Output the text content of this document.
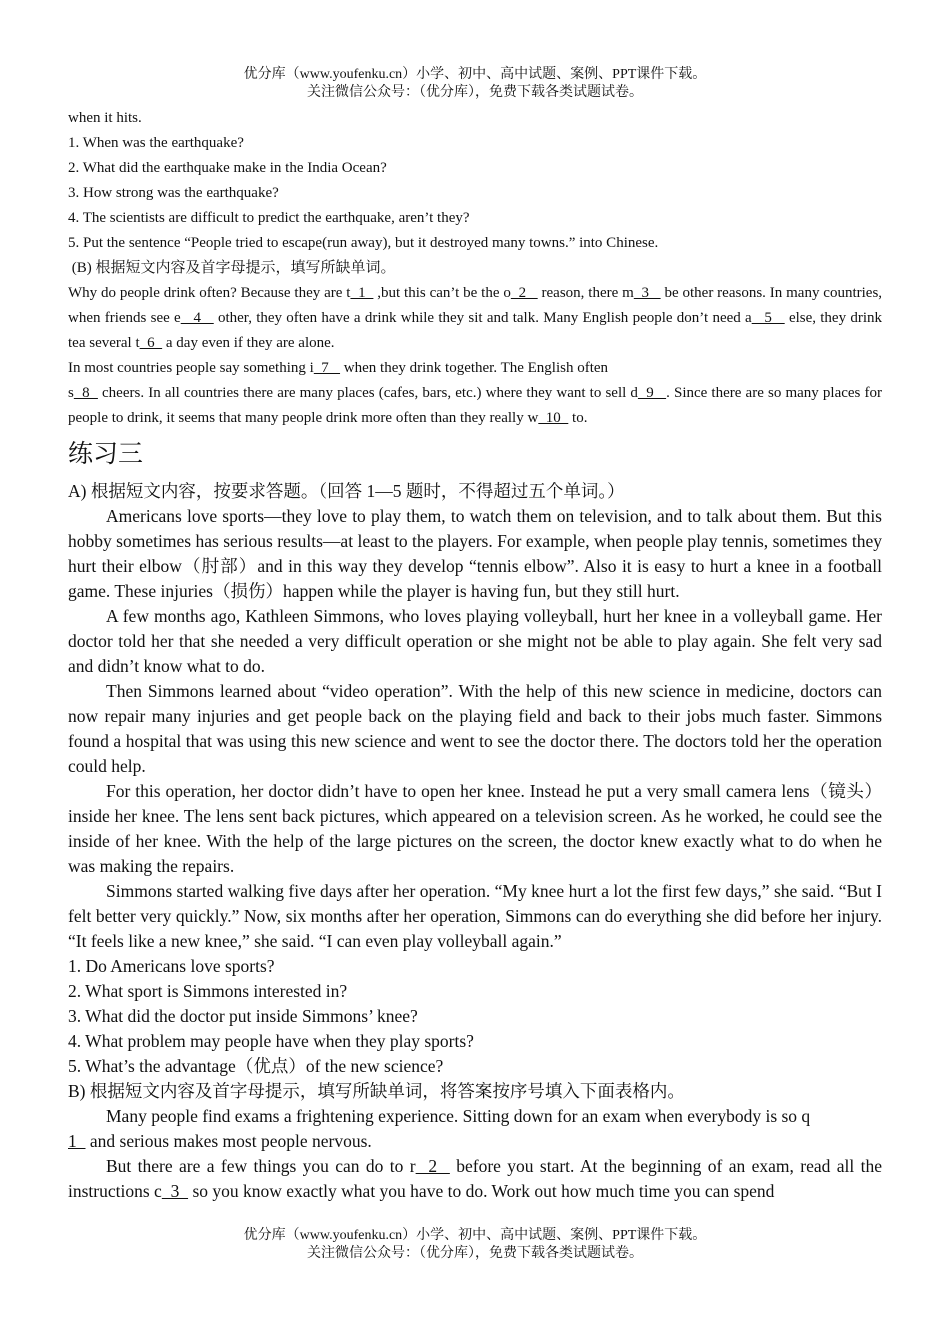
优分库（www.youfenku.cn）小学、初中、高中试题、案例、PPT课件下载。
关注微信公众号：（优分库），免费下载各类试题试卷。

when it hits.

1. When was the earthquake?

2. What did the earthquake make in the India Ocean?

3. How strong was the earthquake?

4. The scientists are difficult to predict the earthquake, aren’t they?

5. Put the sentence “People tried to escape(run away), but it destroyed many towns.” into Chinese.

(B) 根据短文内容及首字母提示，填写所缺单词。

Why do people drink often? Because they are t  1   ,but this can’t be the o  2    reason, there m  3    be other reasons. In many countries, when friends see e   4    other, they often have a drink while they sit and talk. Many English people don’t need a   5    else, they drink tea several t  6   a day even if they are alone.

In most countries people say something i  7    when they drink together. The English often

s  8   cheers. In all countries there are many places (cafes, bars, etc.) where they want to sell d  9   . Since there are so many places for people to drink, it seems that many people drink more often than they really w  10   to.

练习三

A) 根据短文内容，按要求答题。（回答 1—5 题时，不得超过五个单词。）

Americans love sports—they love to play them, to watch them on television, and to talk about them. But this hobby sometimes has serious results—at least to the players. For example, when people play tennis, sometimes they hurt their elbow（肘部）and in this way they develop “tennis elbow”. Also it is easy to hurt a knee in a football game. These injuries（损伤）happen while the player is having fun, but they still hurt.

A few months ago, Kathleen Simmons, who loves playing volleyball, hurt her knee in a volleyball game. Her doctor told her that she needed a very difficult operation or she might not be able to play again. She felt very sad and didn’t know what to do.

Then Simmons learned about “video operation”. With the help of this new science in medicine, doctors can now repair many injuries and get people back on the playing field and back to their jobs much faster. Simmons found a hospital that was using this new science and went to see the doctor there. The doctors told her the operation could help.

For this operation, her doctor didn’t have to open her knee. Instead he put a very small camera lens（镜头）inside her knee. The lens sent back pictures, which appeared on a television screen. As he worked, he could see the inside of her knee. With the help of the large pictures on the screen, the doctor knew exactly what to do when he was making the repairs.

Simmons started walking five days after her operation. “My knee hurt a lot the first few days,” she said. “But I felt better very quickly.” Now, six months after her operation, Simmons can do everything she did before her injury. “It feels like a new knee,” she said. “I can even play volleyball again.”

1. Do Americans love sports?

2. What sport is Simmons interested in?

3. What did the doctor put inside Simmons’ knee?

4. What problem may people have when they play sports?

5. What’s the advantage（优点）of the new science?

B) 根据短文内容及首字母提示，填写所缺单词，将答案按序号填入下面表格内。

Many people find exams a frightening experience. Sitting down for an exam when everybody is so q
1   and serious makes most people nervous.

But there are a few things you can do to r  2   before you start. At the beginning of an exam, read all the instructions c  3   so you know exactly what you have to do. Work out how much time you can spend

优分库（www.youfenku.cn）小学、初中、高中试题、案例、PPT课件下载。
关注微信公众号：（优分库），免费下载各类试题试卷。
